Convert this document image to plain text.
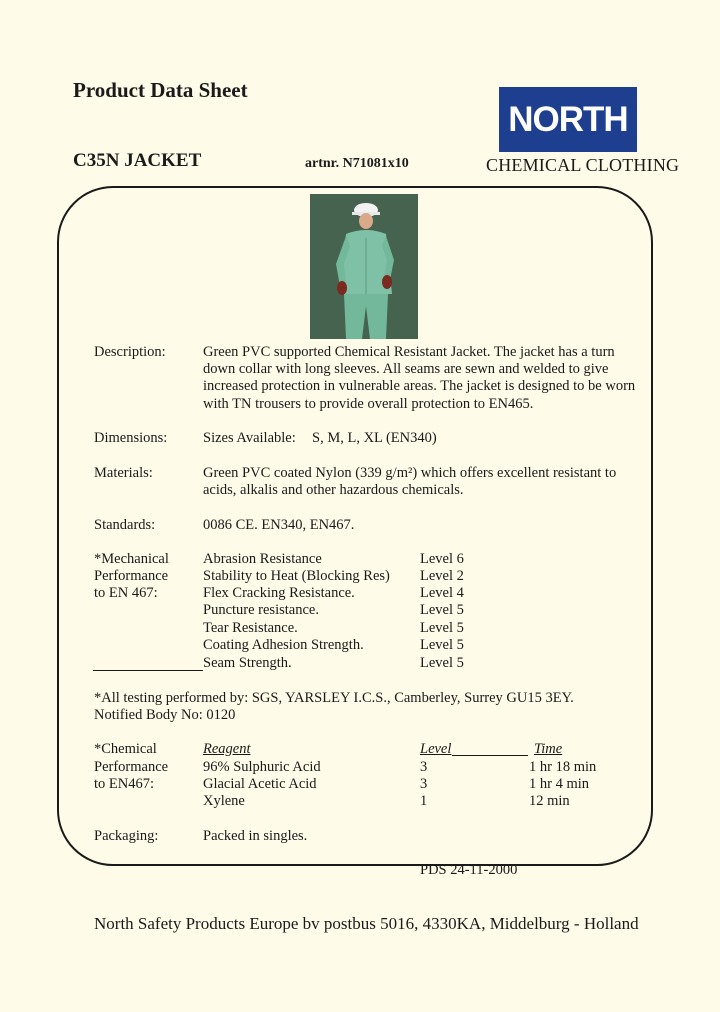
Product Data Sheet
NORTH
C35N JACKET	artnr. N71081x10	CHEMICAL CLOTHING
Description:	Green PVC supported Chemical Resistant Jacket. The jacket has a turn
down collar with long sleeves. All seams are sewn and welded to give
increased protection in vulnerable areas. The jacket is designed to be worn
with TN trousers to provide overall protection to EN465.
Dimensions: Sizes Available: S, M, L, XL (EN340)
Materials:	Green PVC coated Nylon (339 g/m²) which offers excellent resistant to
acids, alkalis and other hazardous chemicals.
Standards:	0086 CE. EN340, EN467.
*Mechanical
Performance
to EN 467:
Abrasion Resistance	Level 6
Stability to Heat (Blocking Res) Level 2
Flex Cracking Resistance.	Level 4
Puncture resistance.	Level 5
Tear Resistance.	Level 5
Coating Adhesion Strength.	Level 5
Seam Strength.	Level 5
*All testing performed by: SGS, YARSLEY I.C.S., Camberley, Surrey GU15 3EY.
Notified Body No: 0120
*Chemical
Performance
to EN467:
Reagent	Level	Time
96% Sulphuric Acid	3	1 hr 18 min
Glacial Acetic Acid	3	1 hr 4 min
Xylene	1	12 min
Packaging:	Packed in singles.
PDS 24-11-2000
North Safety Products Europe bv postbus 5016, 4330KA, Middelburg - Holland
